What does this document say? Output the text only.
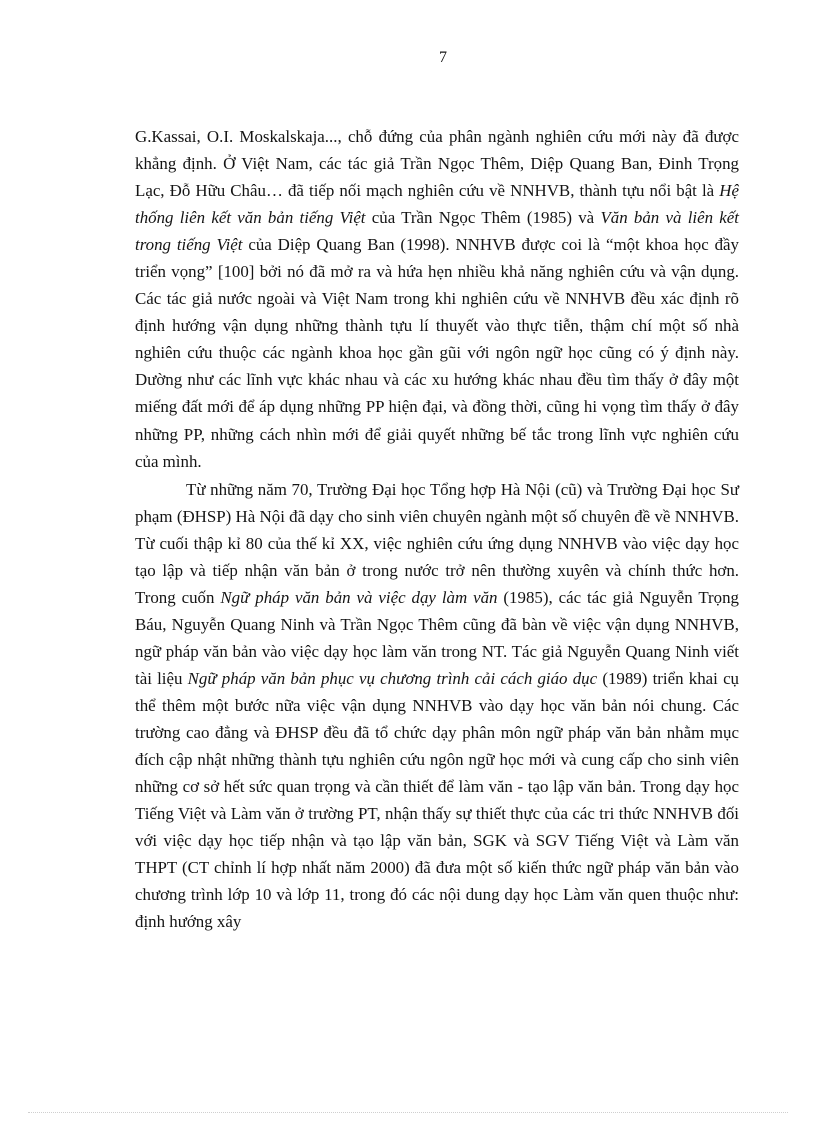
7

G.Kassai, O.I. Moskalskaja..., chỗ đứng của phân ngành nghiên cứu mới này đã được khẳng định. Ở Việt Nam, các tác giả Trần Ngọc Thêm, Diệp Quang Ban, Đinh Trọng Lạc, Đỗ Hữu Châu… đã tiếp nối mạch nghiên cứu về NNHVB, thành tựu nổi bật là Hệ thống liên kết văn bản tiếng Việt của Trần Ngọc Thêm (1985) và Văn bản và liên kết trong tiếng Việt của Diệp Quang Ban (1998). NNHVB được coi là “một khoa học đầy triển vọng” [100] bởi nó đã mở ra và hứa hẹn nhiều khả năng nghiên cứu và vận dụng. Các tác giả nước ngoài và Việt Nam trong khi nghiên cứu về NNHVB đều xác định rõ định hướng vận dụng những thành tựu lí thuyết vào thực tiễn, thậm chí một số nhà nghiên cứu thuộc các ngành khoa học gần gũi với ngôn ngữ học cũng có ý định này. Dường như các lĩnh vực khác nhau và các xu hướng khác nhau đều tìm thấy ở đây một miếng đất mới để áp dụng những PP hiện đại, và đồng thời, cũng hi vọng tìm thấy ở đây những PP, những cách nhìn mới để giải quyết những bế tắc trong lĩnh vực nghiên cứu của mình.

Từ những năm 70, Trường Đại học Tổng hợp Hà Nội (cũ) và Trường Đại học Sư phạm (ĐHSP) Hà Nội đã dạy cho sinh viên chuyên ngành một số chuyên đề về NNHVB. Từ cuối thập kỉ 80 của thế kỉ XX, việc nghiên cứu ứng dụng NNHVB vào việc dạy học tạo lập và tiếp nhận văn bản ở trong nước trở nên thường xuyên và chính thức hơn. Trong cuốn Ngữ pháp văn bản và việc dạy làm văn (1985), các tác giả Nguyễn Trọng Báu, Nguyễn Quang Ninh và Trần Ngọc Thêm cũng đã bàn về việc vận dụng NNHVB, ngữ pháp văn bản vào việc dạy học làm văn trong NT. Tác giả Nguyễn Quang Ninh viết tài liệu Ngữ pháp văn bản phục vụ chương trình cải cách giáo dục (1989) triển khai cụ thể thêm một bước nữa việc vận dụng NNHVB vào dạy học văn bản nói chung. Các trường cao đẳng và ĐHSP đều đã tổ chức dạy phân môn ngữ pháp văn bản nhằm mục đích cập nhật những thành tựu nghiên cứu ngôn ngữ học mới và cung cấp cho sinh viên những cơ sở hết sức quan trọng và cần thiết để làm văn - tạo lập văn bản. Trong dạy học Tiếng Việt và Làm văn ở trường PT, nhận thấy sự thiết thực của các tri thức NNHVB đối với việc dạy học tiếp nhận và tạo lập văn bản, SGK và SGV Tiếng Việt và Làm văn THPT (CT chỉnh lí hợp nhất năm 2000) đã đưa một số kiến thức ngữ pháp văn bản vào chương trình lớp 10 và lớp 11, trong đó các nội dung dạy học Làm văn quen thuộc như: định hướng xây
